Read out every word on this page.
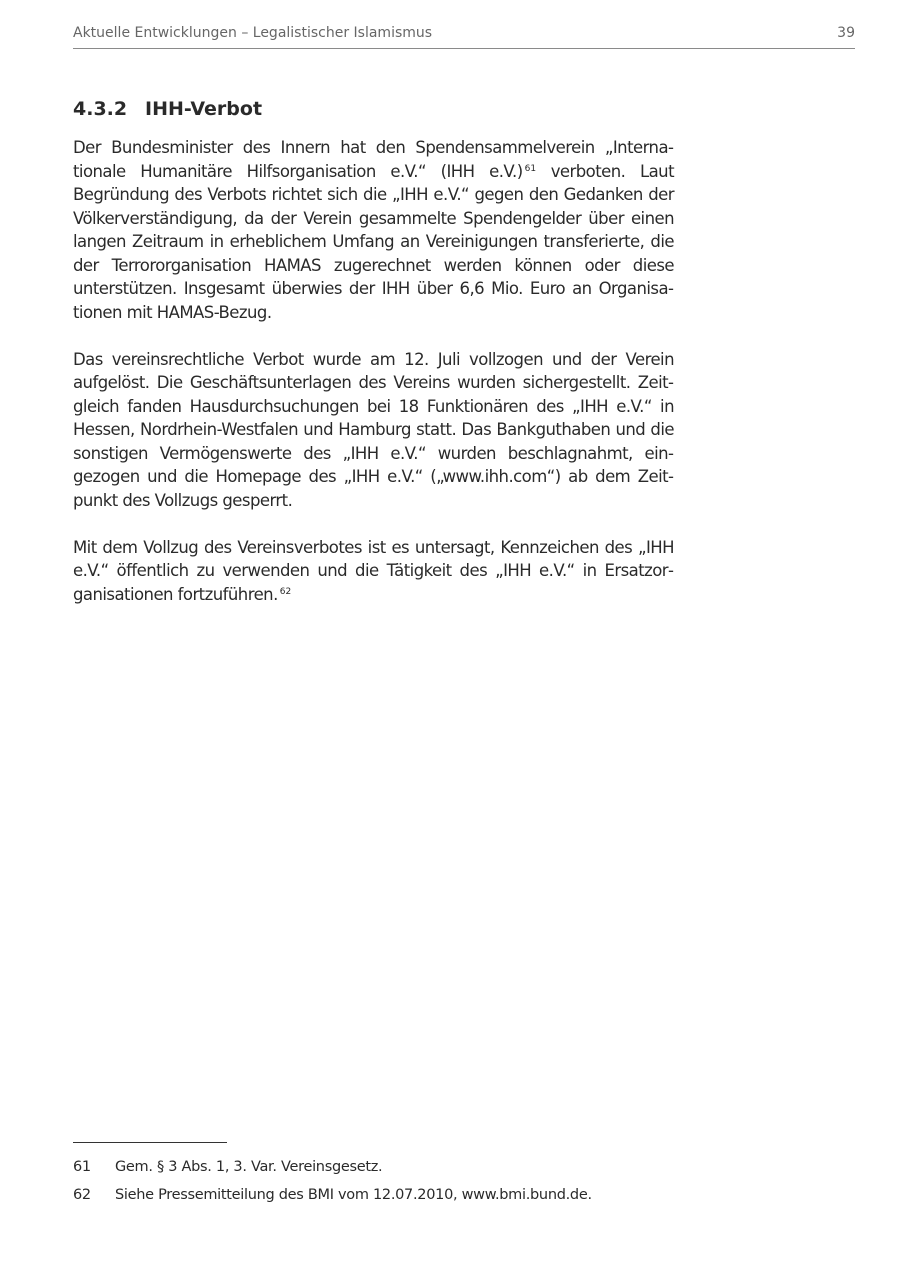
Aktuelle Entwicklungen – Legalistischer Islamismus	39
4.3.2 IHH-Verbot

Der Bundesminister des Innern hat den Spendensammelverein „Internationale Humanitäre Hilfsorganisation e.V.“ (IHH e.V.) $^{61}$ verboten. Laut Begründung des Verbots richtet sich die „IHH e.V.“ gegen den Gedanken der Völkerverständigung, da der Verein gesammelte Spendengelder über einen langen Zeitraum in erheblichem Umfang an Vereinigungen transferierte, die der Terrororganisation HAMAS zugerechnet werden können oder diese unterstützen. Insgesamt überwies der IHH über 6,6 Mio. Euro an Organisationen mit HAMAS-Bezug.

Das vereinsrechtliche Verbot wurde am 12. Juli vollzogen und der Verein aufgelöst. Die Geschäftsunterlagen des Vereins wurden sichergestellt. Zeitgleich fanden Hausdurchsuchungen bei 18 Funktionären des „IHH e.V.“ in Hessen, Nordrhein-Westfalen und Hamburg statt. Das Bankguthaben und die sonstigen Vermögenswerte des „IHH e.V.“ wurden beschlagnahmt, eingezogen und die Homepage des „IHH e.V.“ („www.ihh.com“) ab dem Zeitpunkt des Vollzugs gesperrt.

Mit dem Vollzug des Vereinsverbotes ist es untersagt, Kennzeichen des „IHH e.V.“ öffentlich zu verwenden und die Tätigkeit des „IHH e.V.“ in Ersatzorganisationen fortzuführen. $^{62}$

61 Gem. § 3 Abs. 1, 3. Var. Vereinsgesetz.
62 Siehe Pressemitteilung des BMI vom 12.07.2010, www.bmi.bund.de.
